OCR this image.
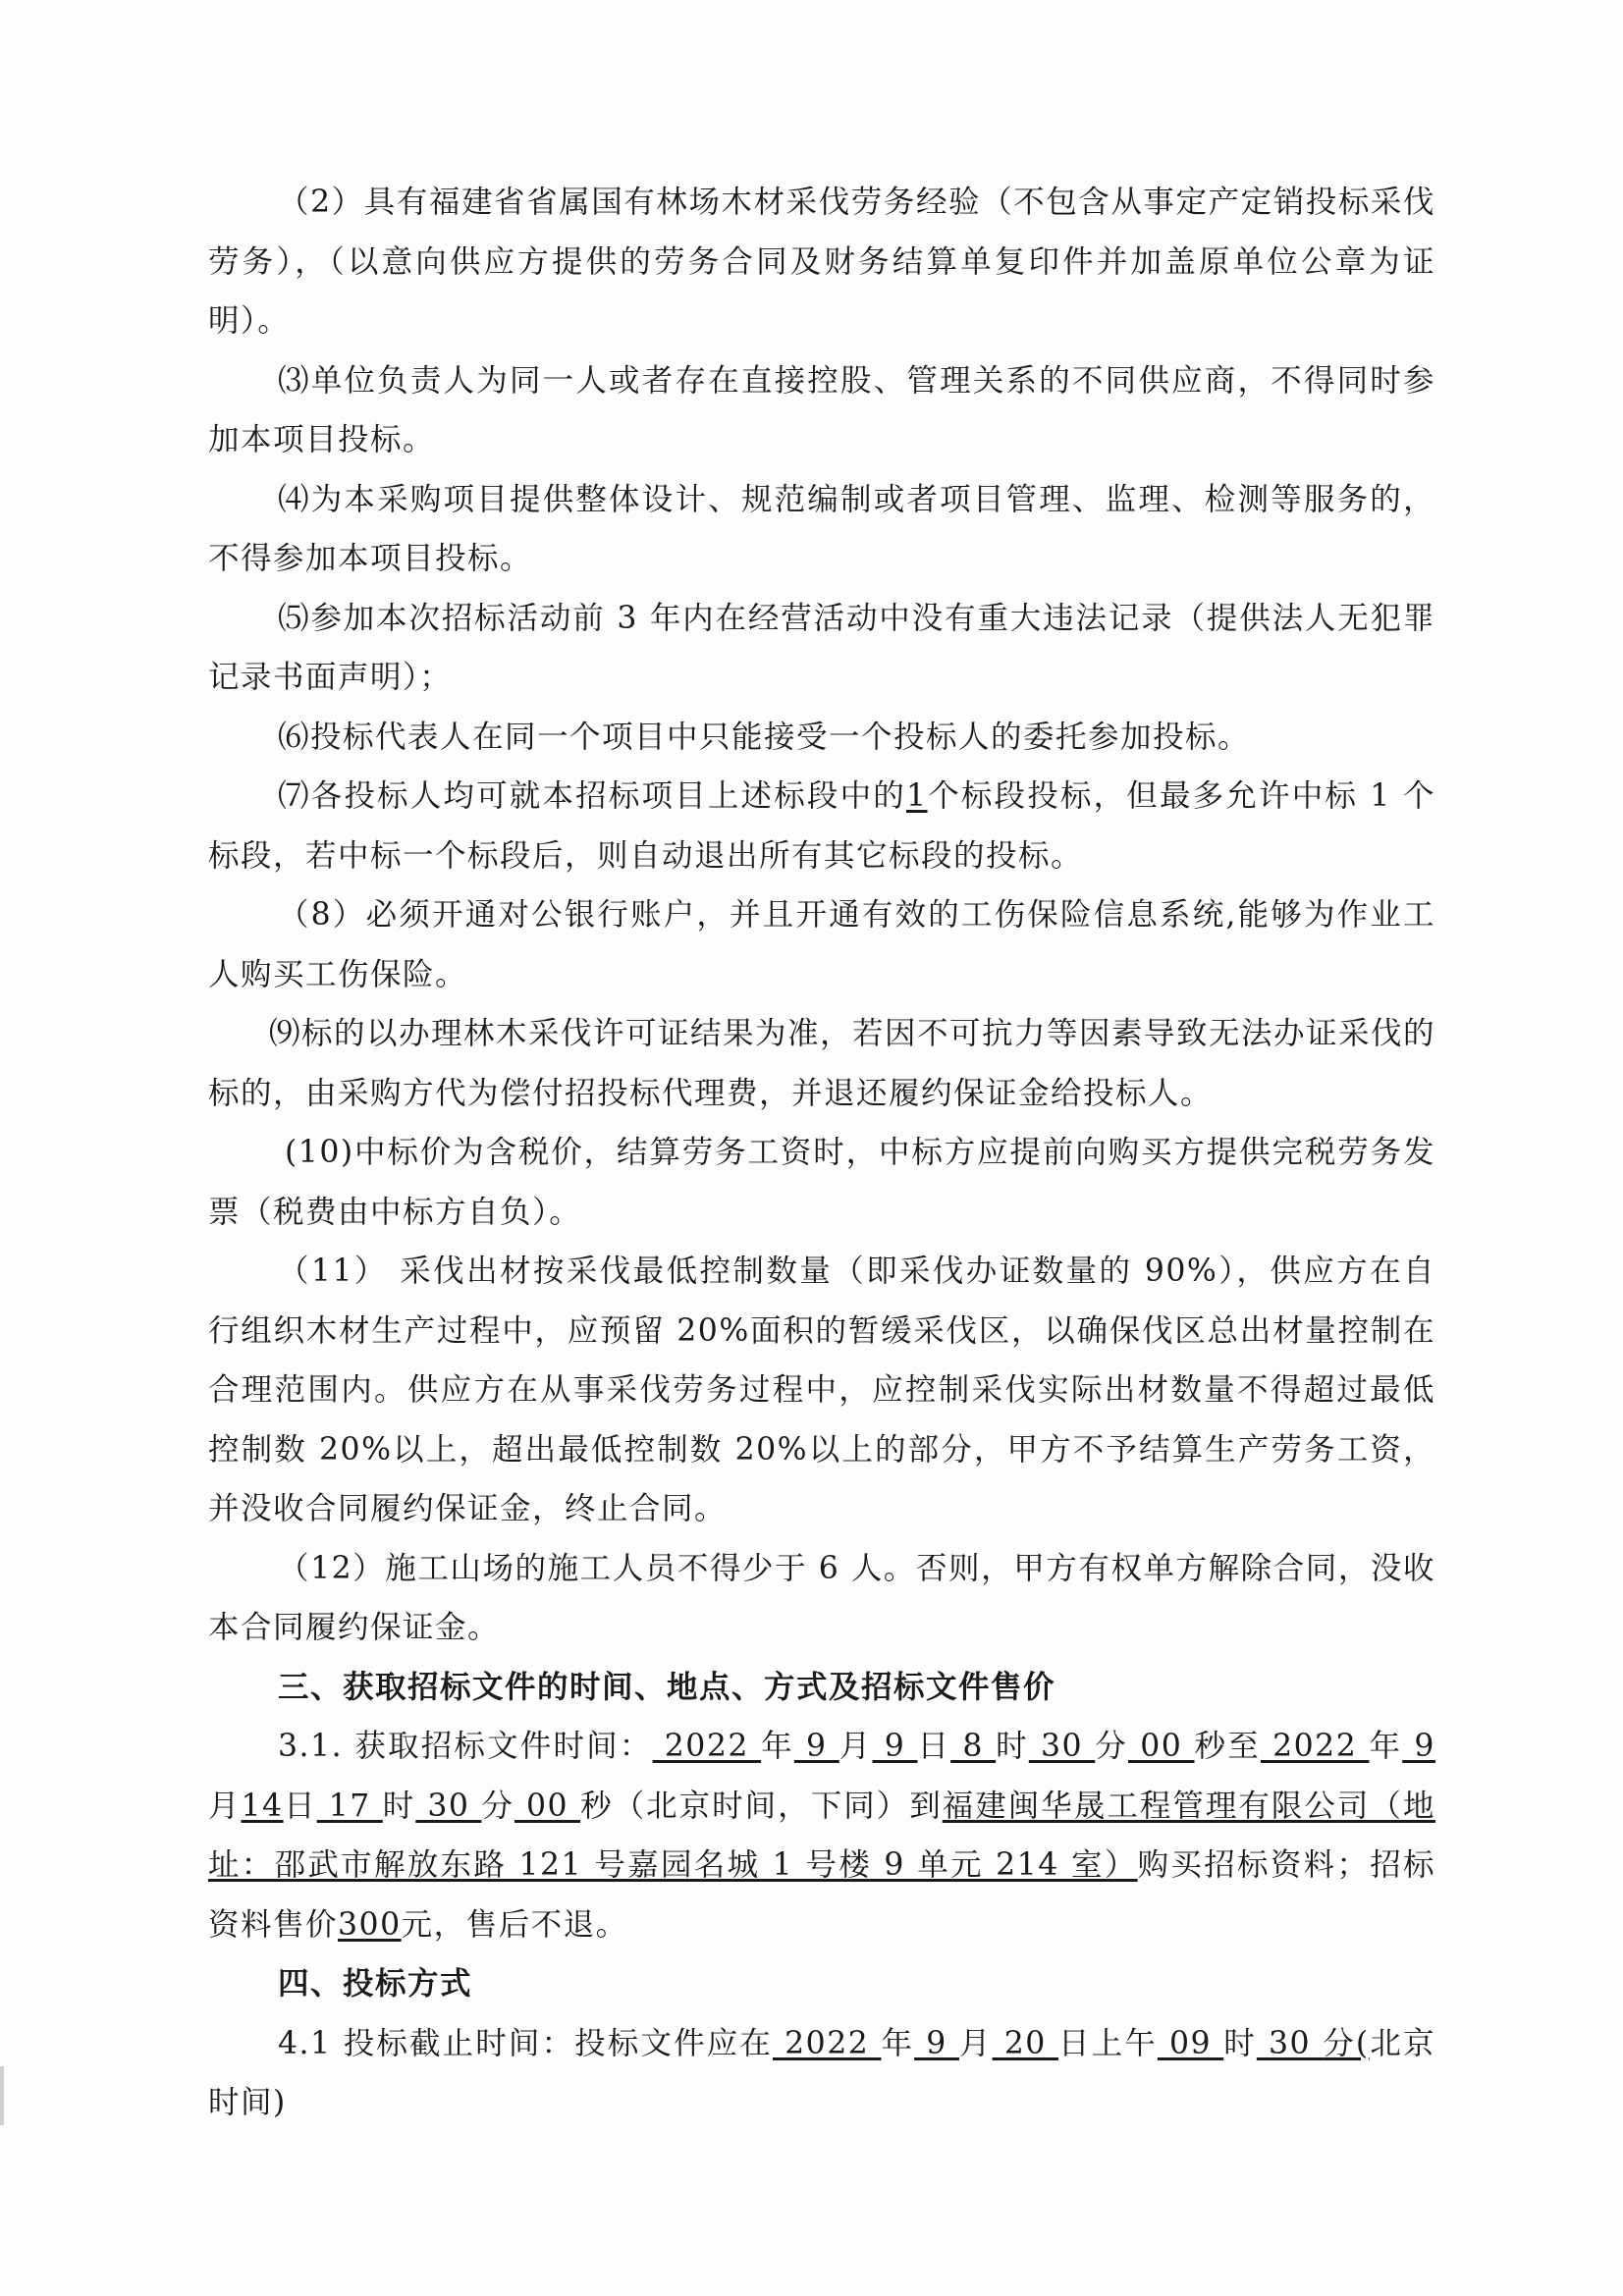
（2）具有福建省省属国有林场木材采伐劳务经验（不包含从事定产定销投标采伐劳务），（以意向供应方提供的劳务合同及财务结算单复印件并加盖原单位公章为证明）。

⑶单位负责人为同一人或者存在直接控股、管理关系的不同供应商，不得同时参加本项目投标。

⑷为本采购项目提供整体设计、规范编制或者项目管理、监理、检测等服务的，不得参加本项目投标。

⑸参加本次招标活动前 3 年内在经营活动中没有重大违法记录（提供法人无犯罪记录书面声明）；

⑹投标代表人在同一个项目中只能接受一个投标人的委托参加投标。

⑺各投标人均可就本招标项目上述标段中的1个标段投标，但最多允许中标 1 个标段，若中标一个标段后，则自动退出所有其它标段的投标。

（8）必须开通对公银行账户，并且开通有效的工伤保险信息系统,能够为作业工人购买工伤保险。

⑼标的以办理林木采伐许可证结果为准，若因不可抗力等因素导致无法办证采伐的标的，由采购方代为偿付招投标代理费，并退还履约保证金给投标人。

(10)中标价为含税价，结算劳务工资时，中标方应提前向购买方提供完税劳务发票（税费由中标方自负）。

（11） 采伐出材按采伐最低控制数量（即采伐办证数量的 90%），供应方在自行组织木材生产过程中，应预留 20%面积的暂缓采伐区，以确保伐区总出材量控制在合理范围内。供应方在从事采伐劳务过程中，应控制采伐实际出材数量不得超过最低控制数 20%以上，超出最低控制数 20%以上的部分，甲方不予结算生产劳务工资，并没收合同履约保证金，终止合同。

（12）施工山场的施工人员不得少于 6 人。否则，甲方有权单方解除合同，没收本合同履约保证金。

三、获取招标文件的时间、地点、方式及招标文件售价

3.1. 获取招标文件时间： 2022 年 9 月 9 日 8 时 30 分 00 秒至 2022 年 9 月14日 17 时 30 分 00 秒（北京时间，下同）到福建闽华晟工程管理有限公司（地址：邵武市解放东路 121 号嘉园名城 1 号楼 9 单元 214 室）购买招标资料；招标资料售价300元，售后不退。

四、投标方式

4.1 投标截止时间：投标文件应在 2022 年 9 月 20 日上午 09 时 30 分(北京时间)
